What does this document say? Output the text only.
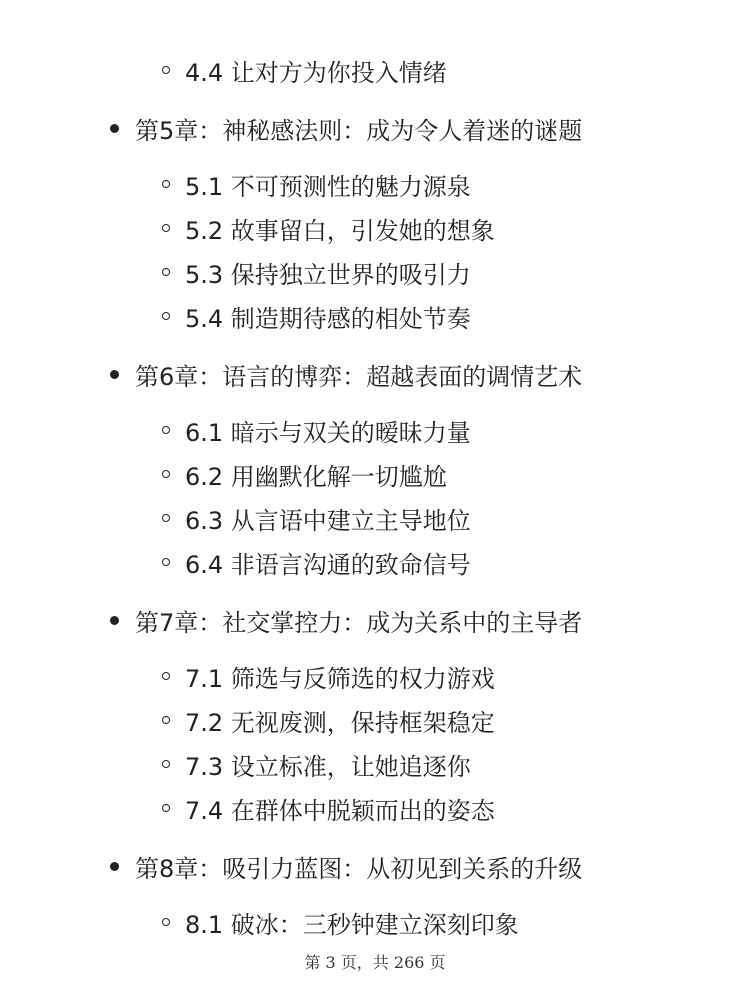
4.4 让对方为你投入情绪
第5章：神秘感法则：成为令人着迷的谜题
5.1 不可预测性的魅力源泉
5.2 故事留白，引发她的想象
5.3 保持独立世界的吸引力
5.4 制造期待感的相处节奏
第6章：语言的博弈：超越表面的调情艺术
6.1 暗示与双关的暧昧力量
6.2 用幽默化解一切尴尬
6.3 从言语中建立主导地位
6.4 非语言沟通的致命信号
第7章：社交掌控力：成为关系中的主导者
7.1 筛选与反筛选的权力游戏
7.2 无视废测，保持框架稳定
7.3 设立标准，让她追逐你
7.4 在群体中脱颖而出的姿态
第8章：吸引力蓝图：从初见到关系的升级
8.1 破冰：三秒钟建立深刻印象
第 3 页，共 266 页
